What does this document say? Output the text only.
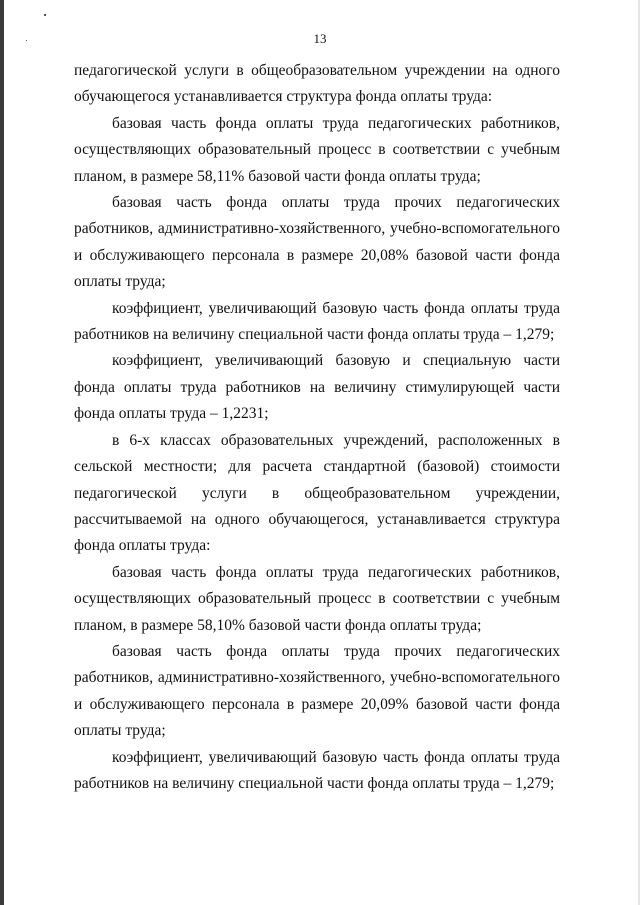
13

педагогической услуги в общеобразовательном учреждении на одного обучающегося устанавливается структура фонда оплаты труда:

базовая часть фонда оплаты труда педагогических работников, осуществляющих образовательный процесс в соответствии с учебным планом, в размере 58,11% базовой части фонда оплаты труда;

базовая часть фонда оплаты труда прочих педагогических работников, административно-хозяйственного, учебно-вспомогательного и обслуживающего персонала в размере 20,08% базовой части фонда оплаты труда;

коэффициент, увеличивающий базовую часть фонда оплаты труда работников на величину специальной части фонда оплаты труда – 1,279;

коэффициент, увеличивающий базовую и специальную части фонда оплаты труда работников на величину стимулирующей части фонда оплаты труда – 1,2231;

в 6-х классах образовательных учреждений, расположенных в сельской местности; для расчета стандартной (базовой) стоимости педагогической услуги в общеобразовательном учреждении, рассчитываемой на одного обучающегося, устанавливается структура фонда оплаты труда:

базовая часть фонда оплаты труда педагогических работников, осуществляющих образовательный процесс в соответствии с учебным планом, в размере 58,10% базовой части фонда оплаты труда;

базовая часть фонда оплаты труда прочих педагогических работников, административно-хозяйственного, учебно-вспомогательного и обслуживающего персонала в размере 20,09% базовой части фонда оплаты труда;

коэффициент, увеличивающий базовую часть фонда оплаты труда работников на величину специальной части фонда оплаты труда – 1,279;
